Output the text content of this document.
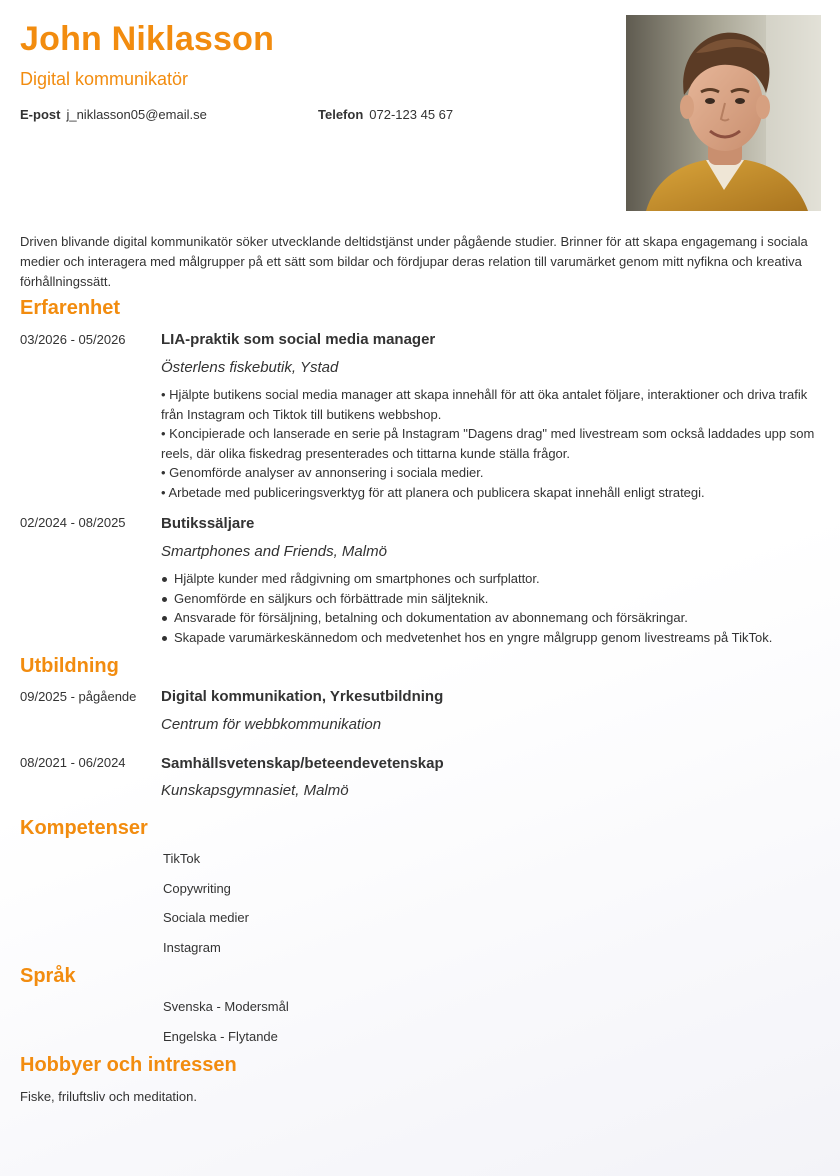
John Niklasson
Digital kommunikatör
E-post j_niklasson05@email.se	Telefon 072-123 45 67
Driven blivande digital kommunikatör söker utvecklande deltidstjänst under pågående studier. Brinner för att skapa engagemang i sociala medier och interagera med målgrupper på ett sätt som bildar och fördjupar deras relation till varumärket genom mitt nyfikna och kreativa förhållningssätt.
Erfarenhet
03/2026 - 05/2026 LIA-praktik som social media manager
Österlens fiskebutik, Ystad
• Hjälpte butikens social media manager att skapa innehåll för att öka antalet följare, interaktioner och driva trafik från Instagram och Tiktok till butikens webbshop.
• Koncipierade och lanserade en serie på Instagram "Dagens drag" med livestream som också laddades upp som reels, där olika fiskedrag presenterades och tittarna kunde ställa frågor.
• Genomförde analyser av annonsering i sociala medier.
• Arbetade med publiceringsverktyg för att planera och publicera skapat innehåll enligt strategi.
02/2024 - 08/2025 Butikssäljare
Smartphones and Friends, Malmö
Hjälpte kunder med rådgivning om smartphones och surfplattor.
Genomförde en säljkurs och förbättrade min säljteknik.
Ansvarade för försäljning, betalning och dokumentation av abonnemang och försäkringar.
Skapade varumärkeskännedom och medvetenhet hos en yngre målgrupp genom livestreams på TikTok.
Utbildning
09/2025 - pågående Digital kommunikation, Yrkesutbildning
Centrum för webbkommunikation
08/2021 - 06/2024 Samhällsvetenskap/beteendevetenskap
Kunskapsgymnasiet, Malmö
Kompetenser
TikTok
Copywriting
Sociala medier
Instagram
Språk
Svenska - Modersmål
Engelska - Flytande
Hobbyer och intressen
Fiske, friluftsliv och meditation.
